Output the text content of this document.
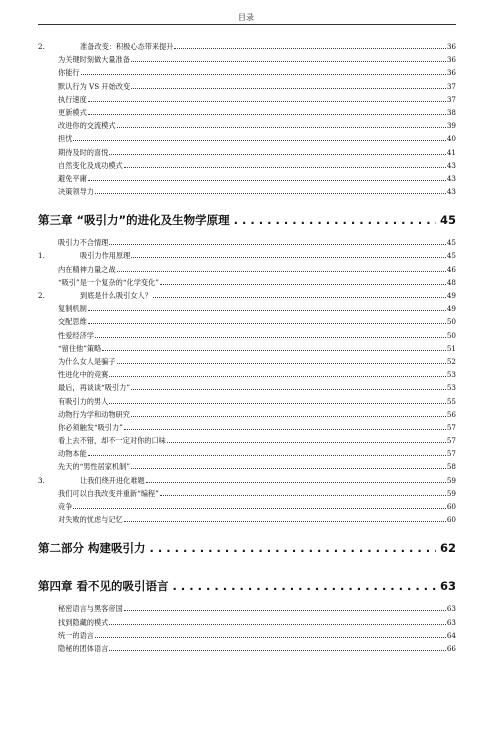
目录
2.	准备改变：积极心态带来提升	36
为关键时刻做大量准备	36
你能行	36
默认行为 VS 开始改变	37
执行速度	37
更新模式	38
改进你的交流模式	39
担忧	40
期待及时的喜悦	41
自然变化及成功模式	43
避免平庸	43
决策领导力	43
第三章 “吸引力”的进化及生物学原理 . . .	45
吸引力不合情理	45
1.	吸引力作用原理	45
内在精神力量之战	46
“吸引”是一个复杂的“化学变化”	48
2.	到底是什么吸引女人？	49
复制机制	49
交配思维	50
性爱经济学	50
“留住他”策略	51
为什么女人是骗子	52
性进化中的竞赛	53
最后，再谈谈“吸引力”	53
有吸引力的男人	55
动物行为学和动物研究	56
你必须触发“吸引力”	57
看上去不错，却不一定对你的口味	57
动物本能	57
先天的“男性居家机制”	58
3.	让我们绕开进化难题	59
我们可以自我改变并重新“编程”	59
竞争	60
对失败的忧虑与记忆	60
第二部分 构建吸引力 . . .	62
第四章 看不见的吸引语言 . . .	63
秘密语言与黑客帝国	63
找到隐藏的模式	63
统一的语言	64
隐秘的团体语言	66
